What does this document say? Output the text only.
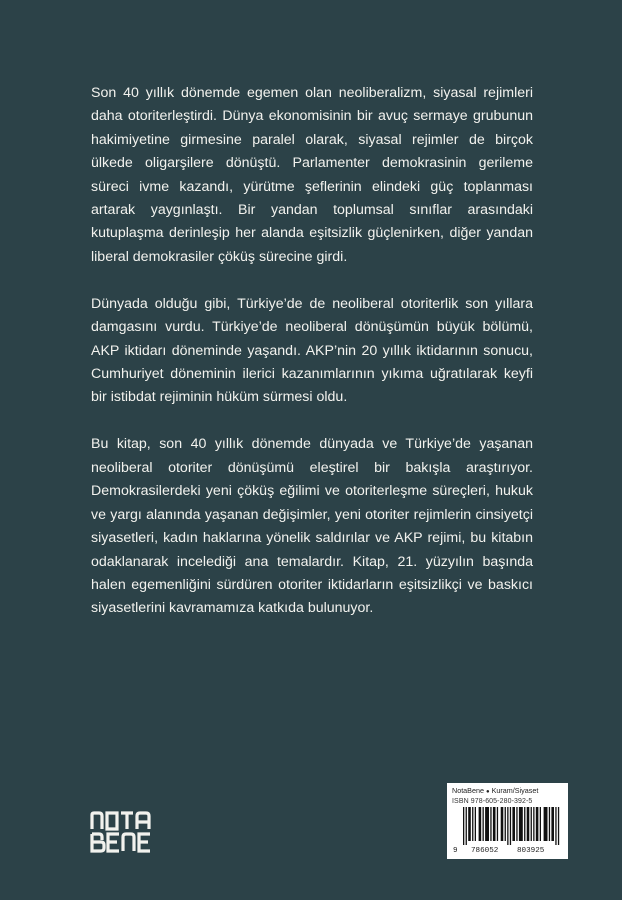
Son 40 yıllık dönemde egemen olan neoliberalizm, siyasal rejimleri daha otoriterleştirdi. Dünya ekonomisinin bir avuç sermaye grubunun hakimiyetine girmesine paralel olarak, siyasal rejimler de birçok ülkede oligarşilere dönüştü. Parlamenter demokrasinin gerileme süreci ivme kazandı, yürütme şeflerinin elindeki güç toplanması artarak yaygınlaştı. Bir yandan toplumsal sınıflar arasındaki kutuplaşma derinleşip her alanda eşitsizlik güçlenirken, diğer yandan liberal demokrasiler çöküş sürecine girdi.

Dünyada olduğu gibi, Türkiye’de de neoliberal otoriterlik son yıllara damgasını vurdu. Türkiye’de neoliberal dönüşümün büyük bölümü, AKP iktidarı döneminde yaşandı. AKP’nin 20 yıllık iktidarının sonucu, Cumhuriyet döneminin ilerici kazanımlarının yıkıma uğratılarak keyfi bir istibdat rejiminin hüküm sürmesi oldu.

Bu kitap, son 40 yıllık dönemde dünyada ve Türkiye’de yaşanan neoliberal otoriter dönüşümü eleştirel bir bakışla araştırıyor. Demokrasilerdeki yeni çöküş eğilimi ve otoriterleşme süreçleri, hukuk ve yargı alanında yaşanan değişimler, yeni otoriter rejimlerin cinsiyetçi siyasetleri, kadın haklarına yönelik saldırılar ve AKP rejimi, bu kitabın odaklanarak incelediği ana temalardır. Kitap, 21. yüzyılın başında halen egemenliğini sürdüren otoriter iktidarların eşitsizlikçi ve baskıcı siyasetlerini kavramamıza katkıda bulunuyor.

NotaBene ● Kuram/Siyaset
ISBN 978-605-280-392-5
9 786052 803925
